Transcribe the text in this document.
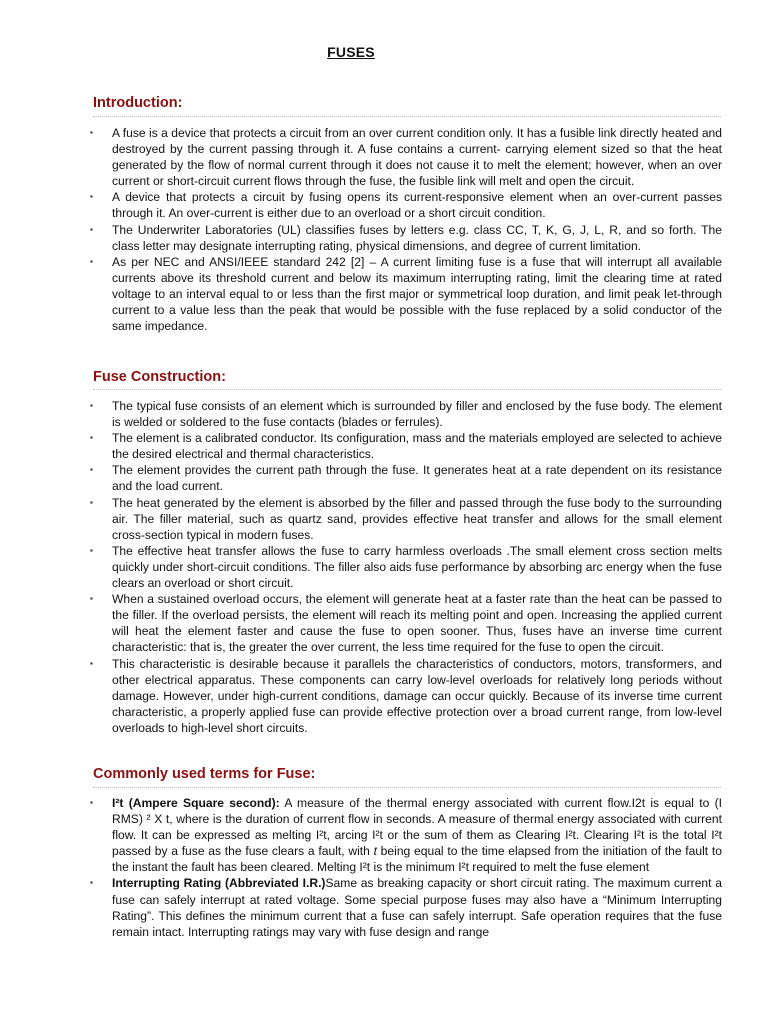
FUSES
Introduction:
▪	A fuse is a device that protects a circuit from an over current condition only. It has a fusible link directly heated and destroyed by the current passing through it. A fuse contains a current- carrying element sized so that the heat generated by the flow of normal current through it does not cause it to melt the element; however, when an over current or short-circuit current flows through the fuse, the fusible link will melt and open the circuit.
▪	A device that protects a circuit by fusing opens its current-responsive element when an over-current passes through it. An over-current is either due to an overload or a short circuit condition.
▪	The Underwriter Laboratories (UL) classifies fuses by letters e.g. class CC, T, K, G, J, L, R, and so forth. The class letter may designate interrupting rating, physical dimensions, and degree of current limitation.
▪	As per NEC and ANSI/IEEE standard 242 [2] – A current limiting fuse is a fuse that will interrupt all available currents above its threshold current and below its maximum interrupting rating, limit the clearing time at rated voltage to an interval equal to or less than the first major or symmetrical loop duration, and limit peak let-through current to a value less than the peak that would be possible with the fuse replaced by a solid conductor of the same impedance.
Fuse Construction:
▪	The typical fuse consists of an element which is surrounded by filler and enclosed by the fuse body. The element is welded or soldered to the fuse contacts (blades or ferrules).
▪	The element is a calibrated conductor. Its configuration, mass and the materials employed are selected to achieve the desired electrical and thermal characteristics.
▪	The element provides the current path through the fuse. It generates heat at a rate dependent on its resistance and the load current.
▪	The heat generated by the element is absorbed by the filler and passed through the fuse body to the surrounding air. The filler material, such as quartz sand, provides effective heat transfer and allows for the small element cross-section typical in modern fuses.
▪	The effective heat transfer allows the fuse to carry harmless overloads .The small element cross section melts quickly under short-circuit conditions. The filler also aids fuse performance by absorbing arc energy when the fuse clears an overload or short circuit.
▪	When a sustained overload occurs, the element will generate heat at a faster rate than the heat can be passed to the filler. If the overload persists, the element will reach its melting point and open. Increasing the applied current will heat the element faster and cause the fuse to open sooner. Thus, fuses have an inverse time current characteristic: that is, the greater the over current, the less time required for the fuse to open the circuit.
▪	This characteristic is desirable because it parallels the characteristics of conductors, motors, transformers, and other electrical apparatus. These components can carry low-level overloads for relatively long periods without damage. However, under high-current conditions, damage can occur quickly. Because of its inverse time current characteristic, a properly applied fuse can provide effective protection over a broad current range, from low-level overloads to high-level short circuits.
Commonly used terms for Fuse:
▪	I²t (Ampere Square second): A measure of the thermal energy associated with current flow.I2t is equal to (I RMS) ² X t, where is the duration of current flow in seconds. A measure of thermal energy associated with current flow. It can be expressed as melting I²t, arcing I²t or the sum of them as Clearing I²t. Clearing I²t is the total I²t passed by a fuse as the fuse clears a fault, with t being equal to the time elapsed from the initiation of the fault to the instant the fault has been cleared. Melting I²t is the minimum I²t required to melt the fuse element
▪	Interrupting Rating (Abbreviated I.R.)Same as breaking capacity or short circuit rating. The maximum current a fuse can safely interrupt at rated voltage. Some special purpose fuses may also have a “Minimum Interrupting Rating”. This defines the minimum current that a fuse can safely interrupt. Safe operation requires that the fuse remain intact. Interrupting ratings may vary with fuse design and range
